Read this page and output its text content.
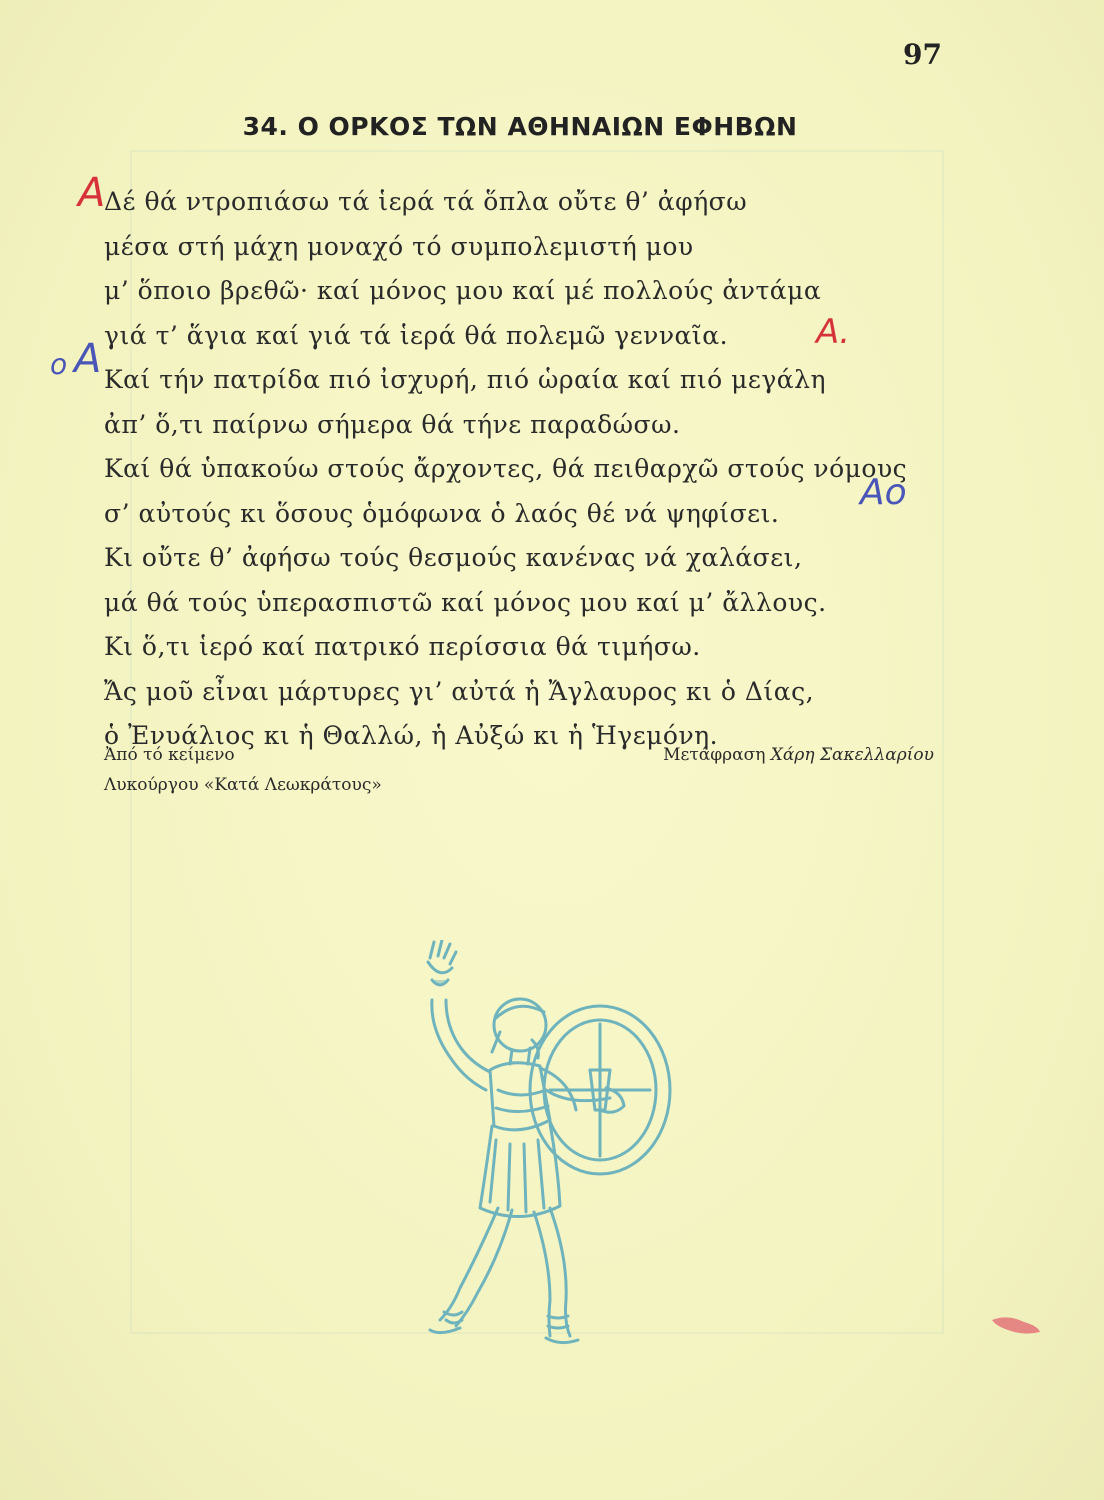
97
34. Ο ΟΡΚΟΣ ΤΩΝ ΑΘΗΝΑΙΩΝ ΕΦΗΒΩΝ
Δέ θά ντροπιάσω τά ἱερά τά ὅπλα οὔτε θ’ ἀφήσω
μέσα στή μάχη μοναχό τό συμπολεμιστή μου
μ’ ὅποιο βρεθῶ· καί μόνος μου καί μέ πολλούς ἀντάμα
γιά τ’ ἅγια καί γιά τά ἱερά θά πολεμῶ γενναῖα.
Καί τήν πατρίδα πιό ἰσχυρή, πιό ὡραία καί πιό μεγάλη
ἀπ’ ὅ,τι παίρνω σήμερα θά τήνε παραδώσω.
Καί θά ὑπακούω στούς ἄρχοντες, θά πειθαρχῶ στούς νόμους
σ’ αὐτούς κι ὅσους ὁμόφωνα ὁ λαός θέ νά ψηφίσει.
Κι οὔτε θ’ ἀφήσω τούς θεσμούς κανένας νά χαλάσει,
μά θά τούς ὑπερασπιστῶ καί μόνος μου καί μ’ ἄλλους.
Κι ὅ,τι ἱερό καί πατρικό περίσσια θά τιμήσω.
Ἄς μοῦ εἶναι μάρτυρες γι’ αὐτά ἡ Ἄγλαυρος κι ὁ Δίας,
ὁ Ἐνυάλιος κι ἡ Θαλλώ, ἡ Αὐξώ κι ἡ Ἡγεμόνη.
Α
Α.
ο Α
Αο
Ἀπό τό κείμενο
Λυκούργου «Κατά Λεωκράτους»
Μετάφραση Χάρη Σακελλαρίου
